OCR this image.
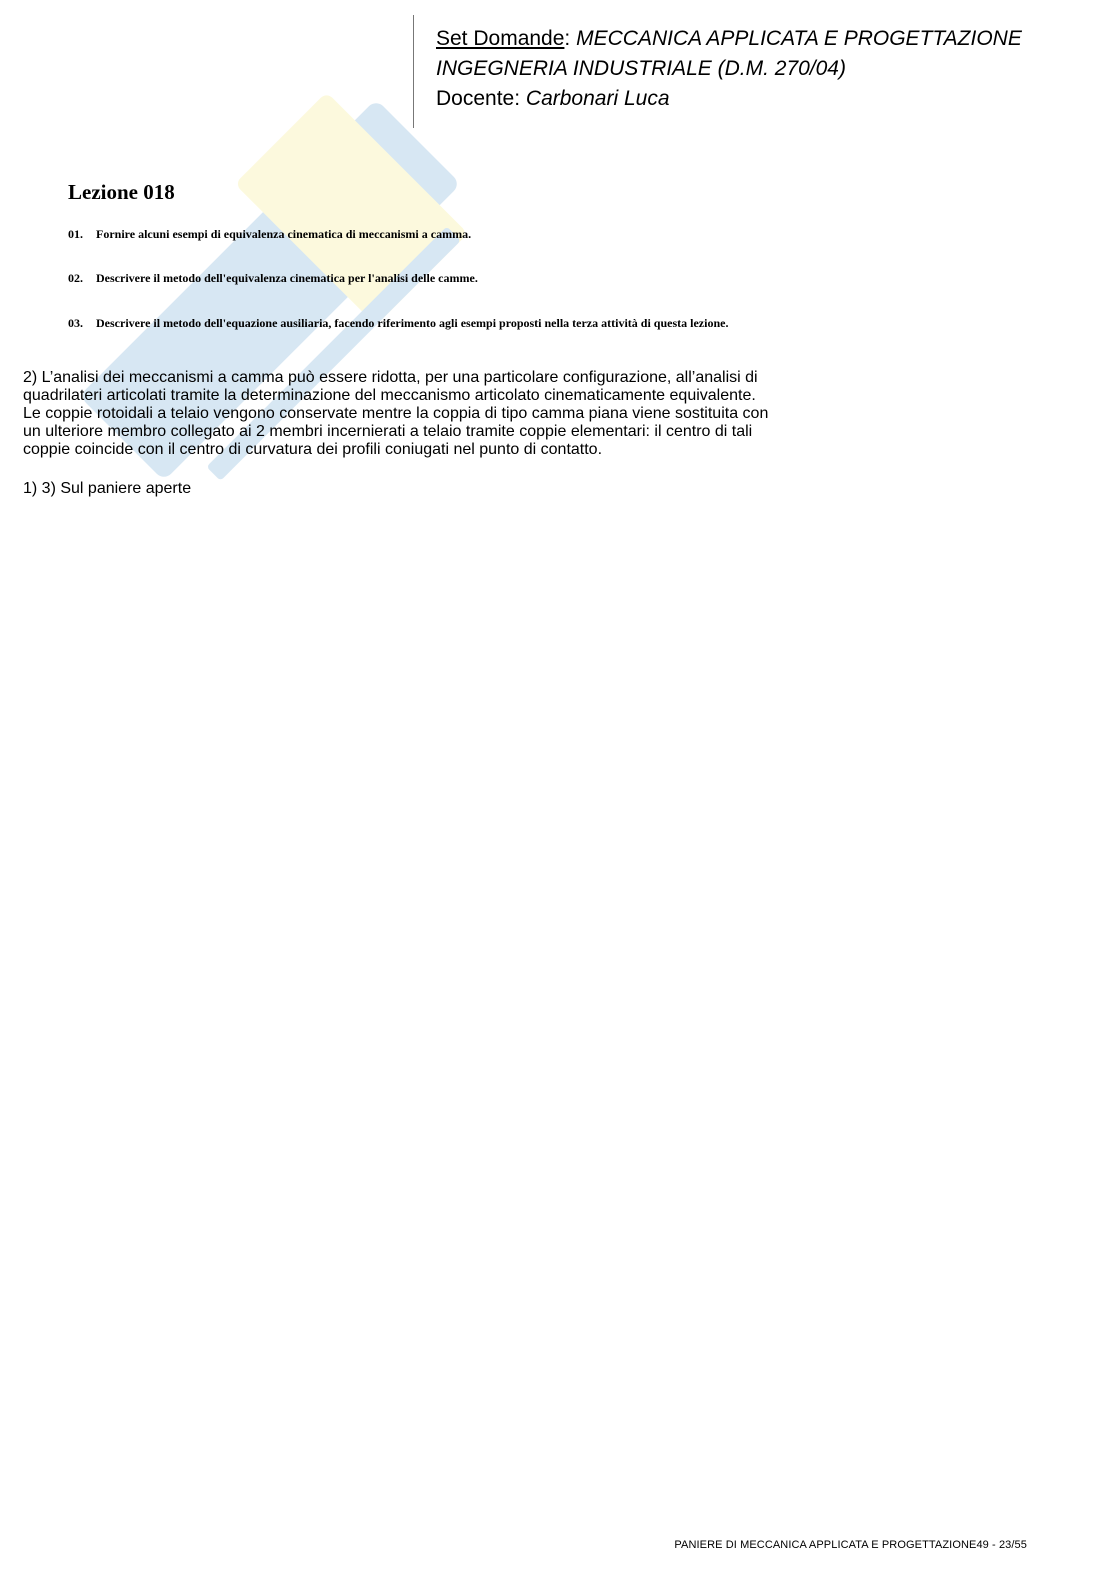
Set Domande: MECCANICA APPLICATA E PROGETTAZIONE
INGEGNERIA INDUSTRIALE (D.M. 270/04)
Docente: Carbonari Luca
Lezione 018
01. Fornire alcuni esempi di equivalenza cinematica di meccanismi a camma.
02. Descrivere il metodo dell'equivalenza cinematica per l'analisi delle camme.
03. Descrivere il metodo dell'equazione ausiliaria, facendo riferimento agli esempi proposti nella terza attività di questa lezione.
2) L’analisi dei meccanismi a camma può essere ridotta, per una particolare configurazione, all’analisi di
quadrilateri articolati tramite la determinazione del meccanismo articolato cinematicamente equivalente.
Le coppie rotoidali a telaio vengono conservate mentre la coppia di tipo camma piana viene sostituita con
un ulteriore membro collegato ai 2 membri incernierati a telaio tramite coppie elementari: il centro di tali
coppie coincide con il centro di curvatura dei profili coniugati nel punto di contatto.
1) 3) Sul paniere aperte
PANIERE DI MECCANICA APPLICATA E PROGETTAZIONE49 - 23/55
